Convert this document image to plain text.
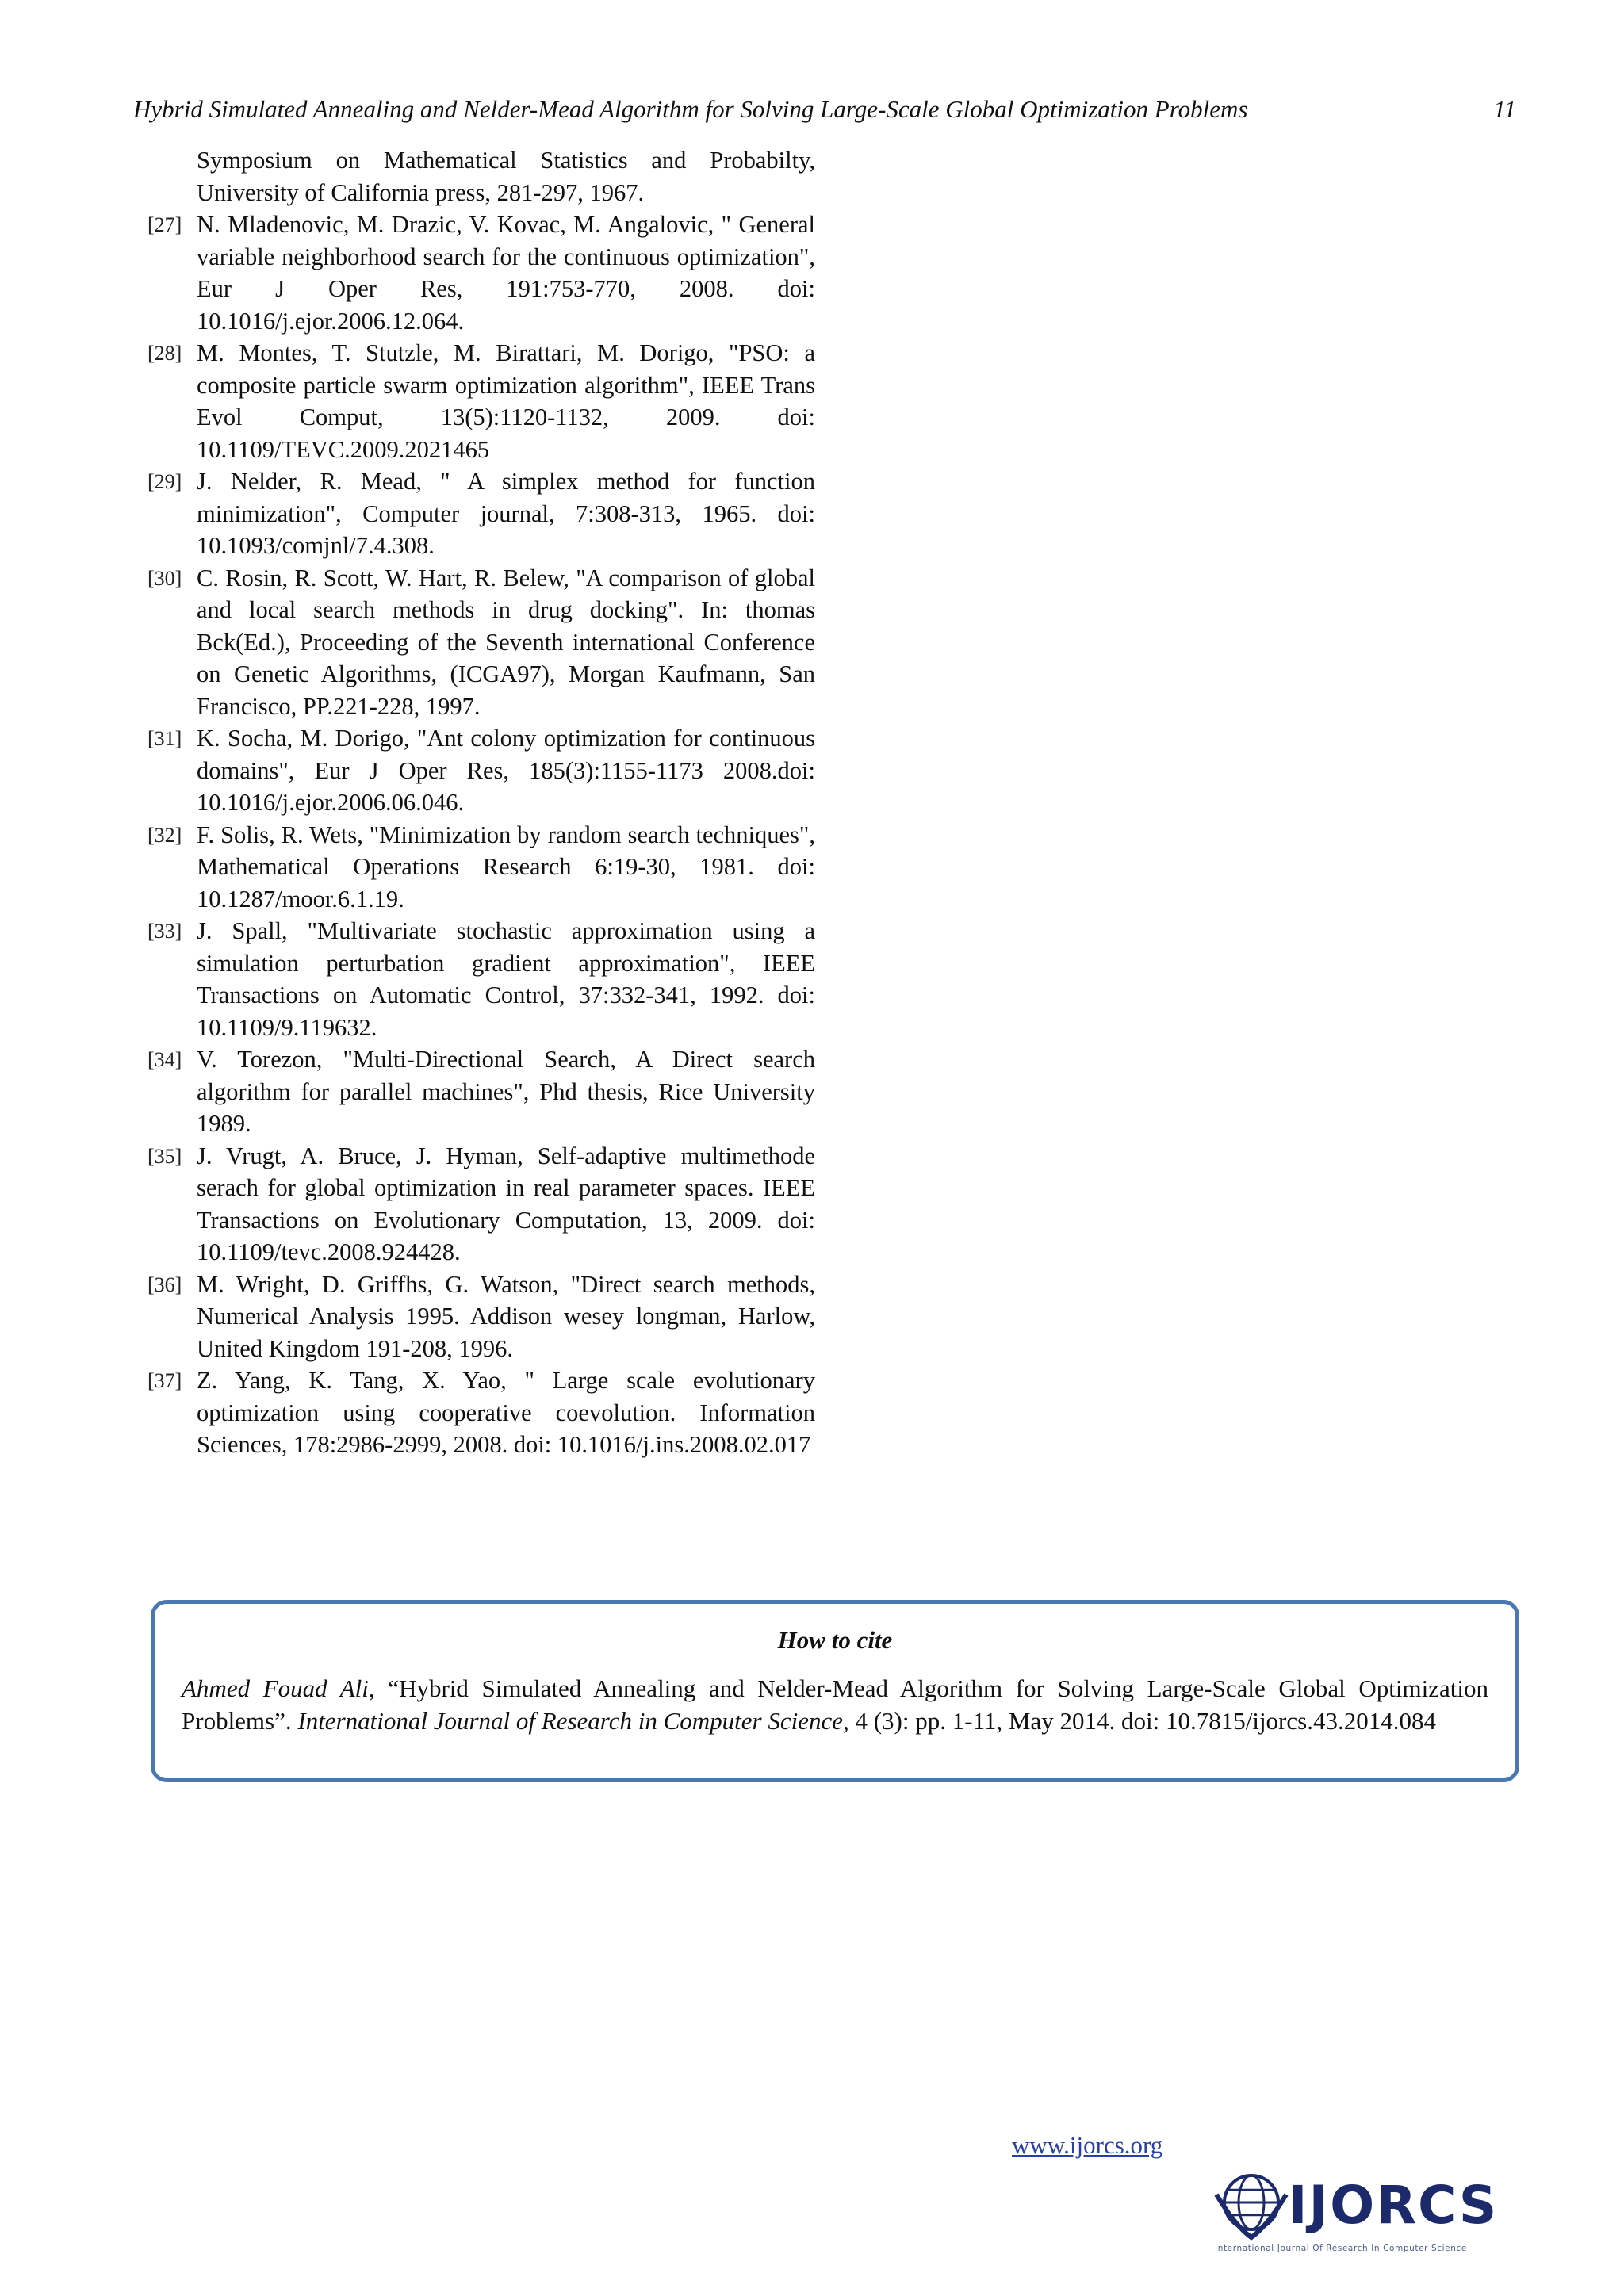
Hybrid Simulated Annealing and Nelder-Mead Algorithm for Solving Large-Scale Global Optimization Problems	11
Symposium on Mathematical Statistics and Probabilty, University of California press, 281-297, 1967.
[27] N. Mladenovic, M. Drazic, V. Kovac, M. Angalovic, " General variable neighborhood search for the continuous optimization", Eur J Oper Res, 191:753-770, 2008. doi: 10.1016/j.ejor.2006.12.064.
[28] M. Montes, T. Stutzle, M. Birattari, M. Dorigo, "PSO: a composite particle swarm optimization algorithm", IEEE Trans Evol Comput, 13(5):1120-1132, 2009. doi: 10.1109/TEVC.2009.2021465
[29] J. Nelder, R. Mead, " A simplex method for function minimization", Computer journal, 7:308-313, 1965. doi: 10.1093/comjnl/7.4.308.
[30] C. Rosin, R. Scott, W. Hart, R. Belew, "A comparison of global and local search methods in drug docking". In: thomas Bck(Ed.), Proceeding of the Seventh international Conference on Genetic Algorithms, (ICGA97), Morgan Kaufmann, San Francisco, PP.221-228, 1997.
[31] K. Socha, M. Dorigo, "Ant colony optimization for continuous domains", Eur J Oper Res, 185(3):1155-1173 2008.doi: 10.1016/j.ejor.2006.06.046.
[32] F. Solis, R. Wets, "Minimization by random search techniques", Mathematical Operations Research 6:19-30, 1981. doi: 10.1287/moor.6.1.19.
[33] J. Spall, "Multivariate stochastic approximation using a simulation perturbation gradient approximation", IEEE Transactions on Automatic Control, 37:332-341, 1992. doi: 10.1109/9.119632.
[34] V. Torezon, "Multi-Directional Search, A Direct search algorithm for parallel machines", Phd thesis, Rice University 1989.
[35] J. Vrugt, A. Bruce, J. Hyman, Self-adaptive multimethode serach for global optimization in real parameter spaces. IEEE Transactions on Evolutionary Computation, 13, 2009. doi: 10.1109/tevc.2008.924428.
[36] M. Wright, D. Griffhs, G. Watson, "Direct search methods, Numerical Analysis 1995. Addison wesey longman, Harlow, United Kingdom 191-208, 1996.
[37] Z. Yang, K. Tang, X. Yao, " Large scale evolutionary optimization using cooperative coevolution. Information Sciences, 178:2986-2999, 2008. doi: 10.1016/j.ins.2008.02.017
How to cite
Ahmed Fouad Ali, “Hybrid Simulated Annealing and Nelder-Mead Algorithm for Solving Large-Scale Global Optimization Problems”. International Journal of Research in Computer Science, 4 (3): pp. 1-11, May 2014. doi: 10.7815/ijorcs.43.2014.084
www.ijorcs.org
IJORCS
International Journal Of Research In Computer Science
